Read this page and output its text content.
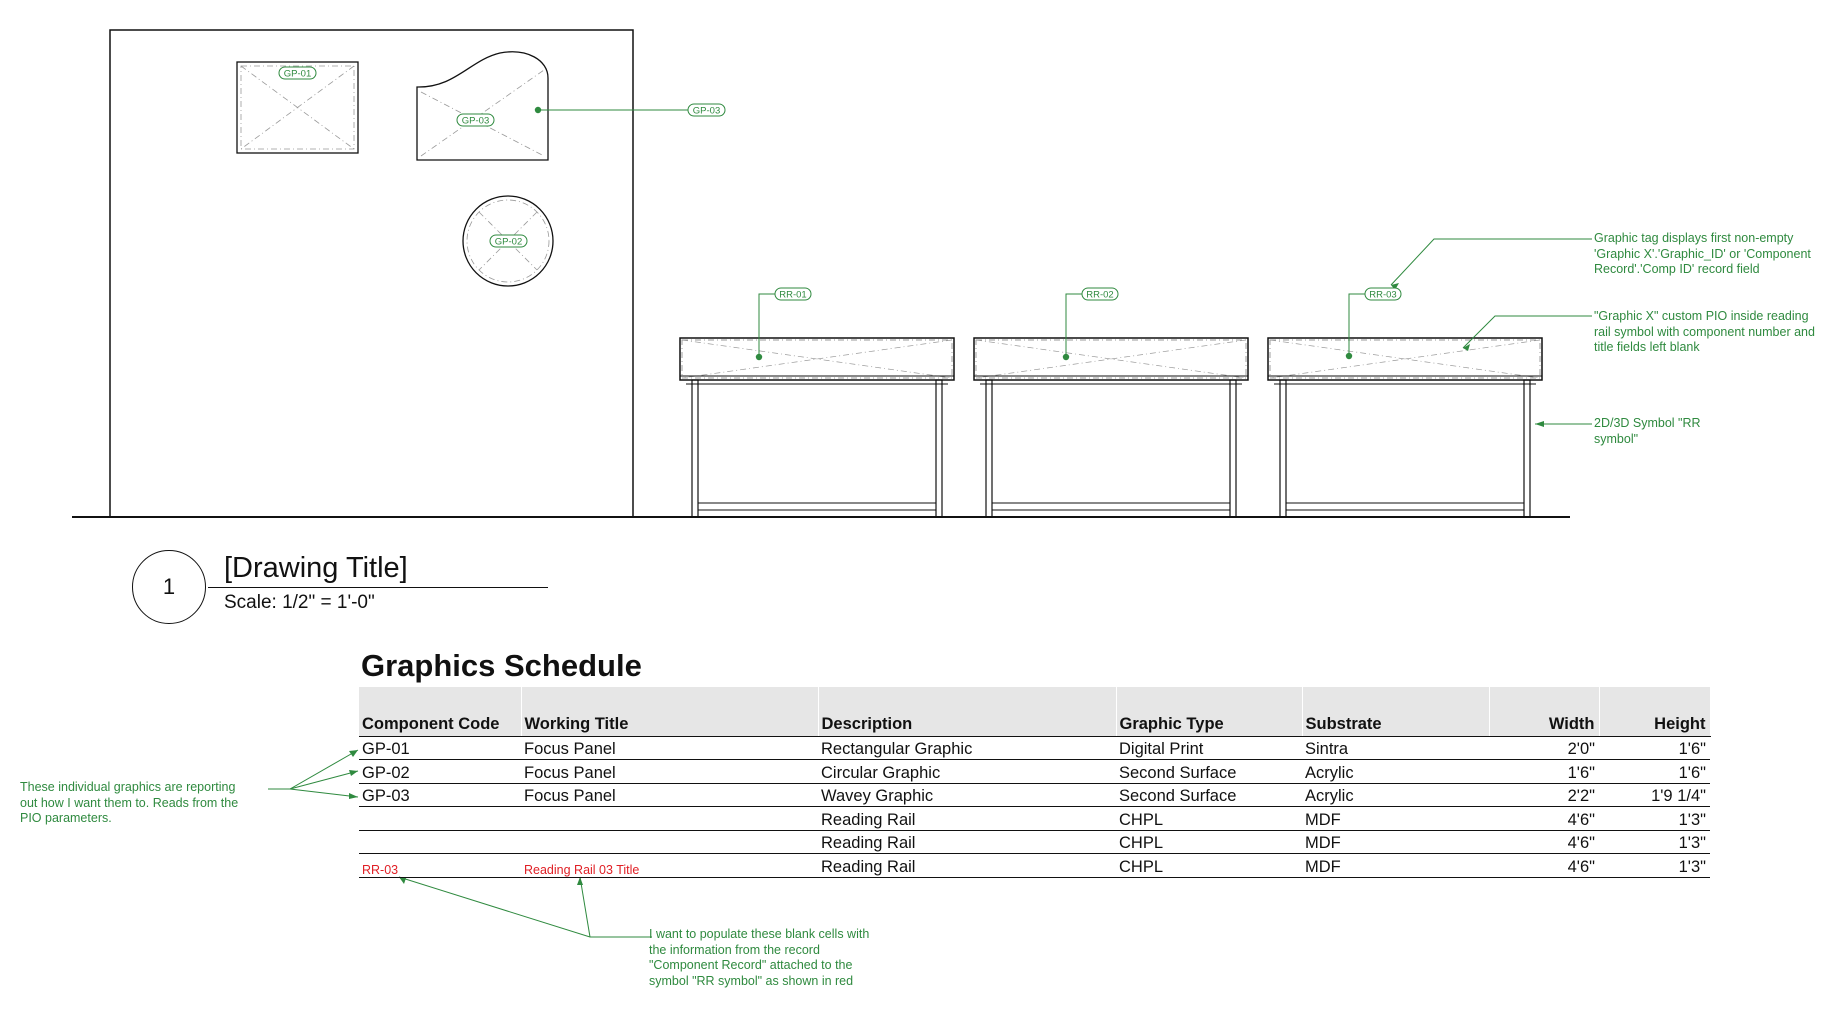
GP-01
GP-03
GP-02
GP-03
RR-01	RR-02	RR-03
Graphic tag displays first non-empty
'Graphic X'.'Graphic_ID' or 'Component
Record'.'Comp ID' record field
"Graphic X" custom PIO inside reading
rail symbol with component number and
title fields left blank
2D/3D Symbol "RR
symbol"
These individual graphics are reporting
out how I want them to. Reads from the
PIO parameters.
I want to populate these blank cells with
the information from the record
"Component Record" attached to the
symbol "RR symbol" as shown in red
1
[Drawing Title]
Scale: 1/2" = 1'-0"
Graphics Schedule
Component Code	Working Title	Description	Graphic Type	Substrate	Width	Height
GP-01	Focus Panel	Rectangular Graphic	Digital Print	Sintra	2'0"	1'6"
GP-02	Focus Panel	Circular Graphic	Second Surface	Acrylic	1'6"	1'6"
GP-03	Focus Panel	Wavey Graphic	Second Surface	Acrylic	2'2"	1'9 1/4"
		Reading Rail	CHPL	MDF	4'6"	1'3"
		Reading Rail	CHPL	MDF	4'6"	1'3"
RR-03	Reading Rail 03 Title	Reading Rail	CHPL	MDF	4'6"	1'3"
